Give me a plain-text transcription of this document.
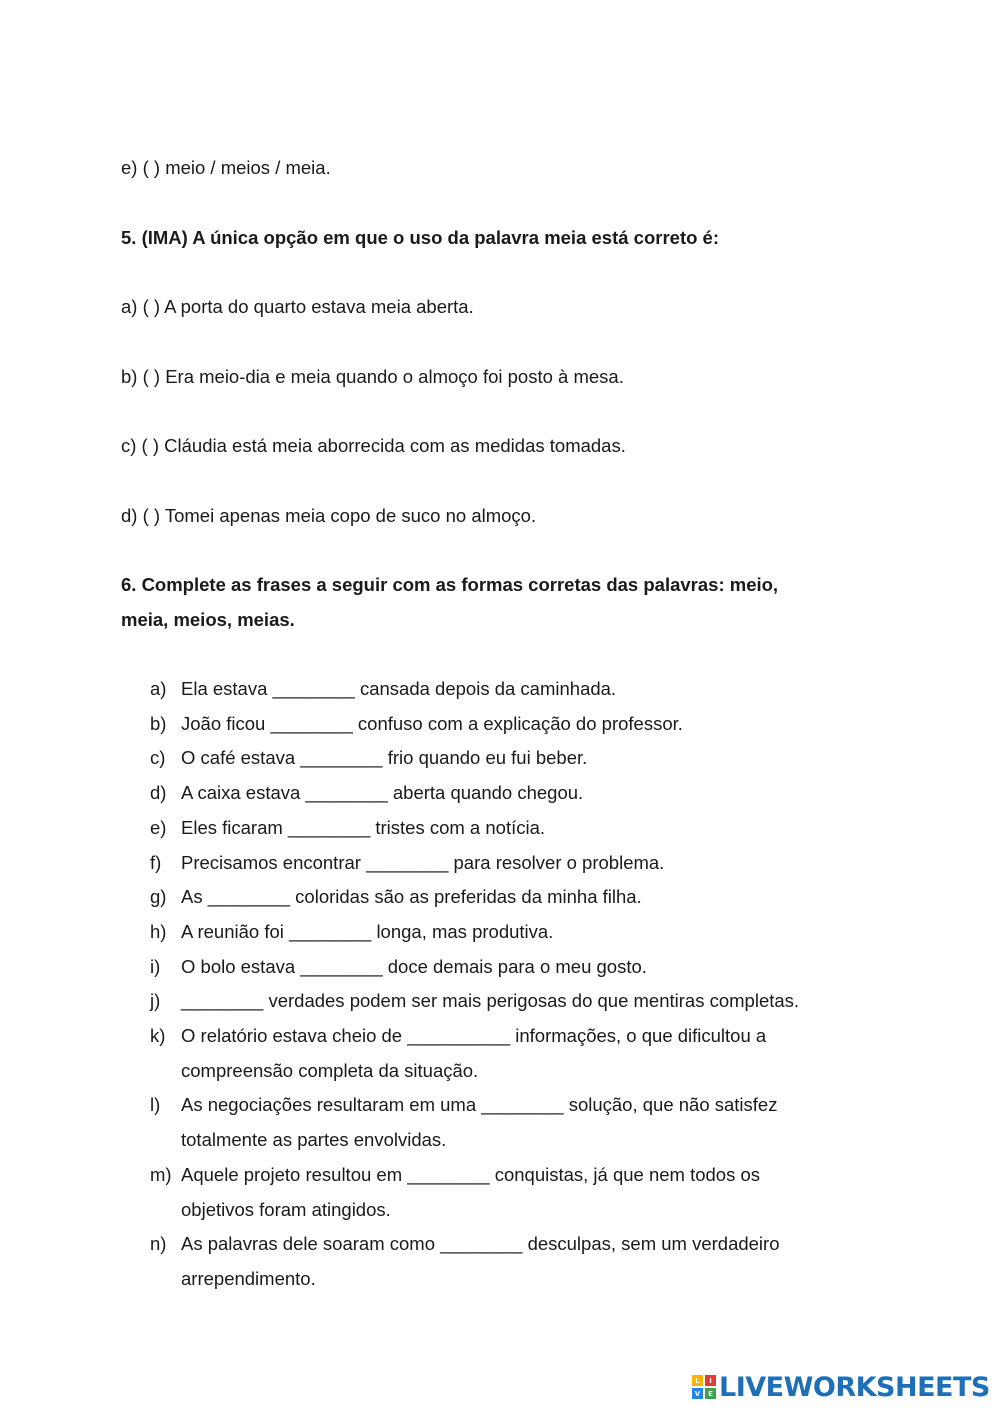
e) ( ) meio / meios / meia.
5. (IMA) A única opção em que o uso da palavra meia está correto é:
a) ( ) A porta do quarto estava meia aberta.
b) ( ) Era meio-dia e meia quando o almoço foi posto à mesa.
c) ( ) Cláudia está meia aborrecida com as medidas tomadas.
d) ( ) Tomei apenas meia copo de suco no almoço.
6. Complete as frases a seguir com as formas corretas das palavras: meio,
meia, meios, meias.
a) Ela estava ________ cansada depois da caminhada.
b) João ficou ________ confuso com a explicação do professor.
c) O café estava ________ frio quando eu fui beber.
d) A caixa estava ________ aberta quando chegou.
e) Eles ficaram ________ tristes com a notícia.
f) Precisamos encontrar ________ para resolver o problema.
g) As ________ coloridas são as preferidas da minha filha.
h) A reunião foi ________ longa, mas produtiva.
i) O bolo estava ________ doce demais para o meu gosto.
j) ________ verdades podem ser mais perigosas do que mentiras completas.
k) O relatório estava cheio de __________ informações, o que dificultou a
compreensão completa da situação.
l) As negociações resultaram em uma ________ solução, que não satisfez
totalmente as partes envolvidas.
m) Aquele projeto resultou em ________ conquistas, já que nem todos os
objetivos foram atingidos.
n) As palavras dele soaram como ________ desculpas, sem um verdadeiro
arrependimento.
L	I
V	E LIVEWORKSHEETS
